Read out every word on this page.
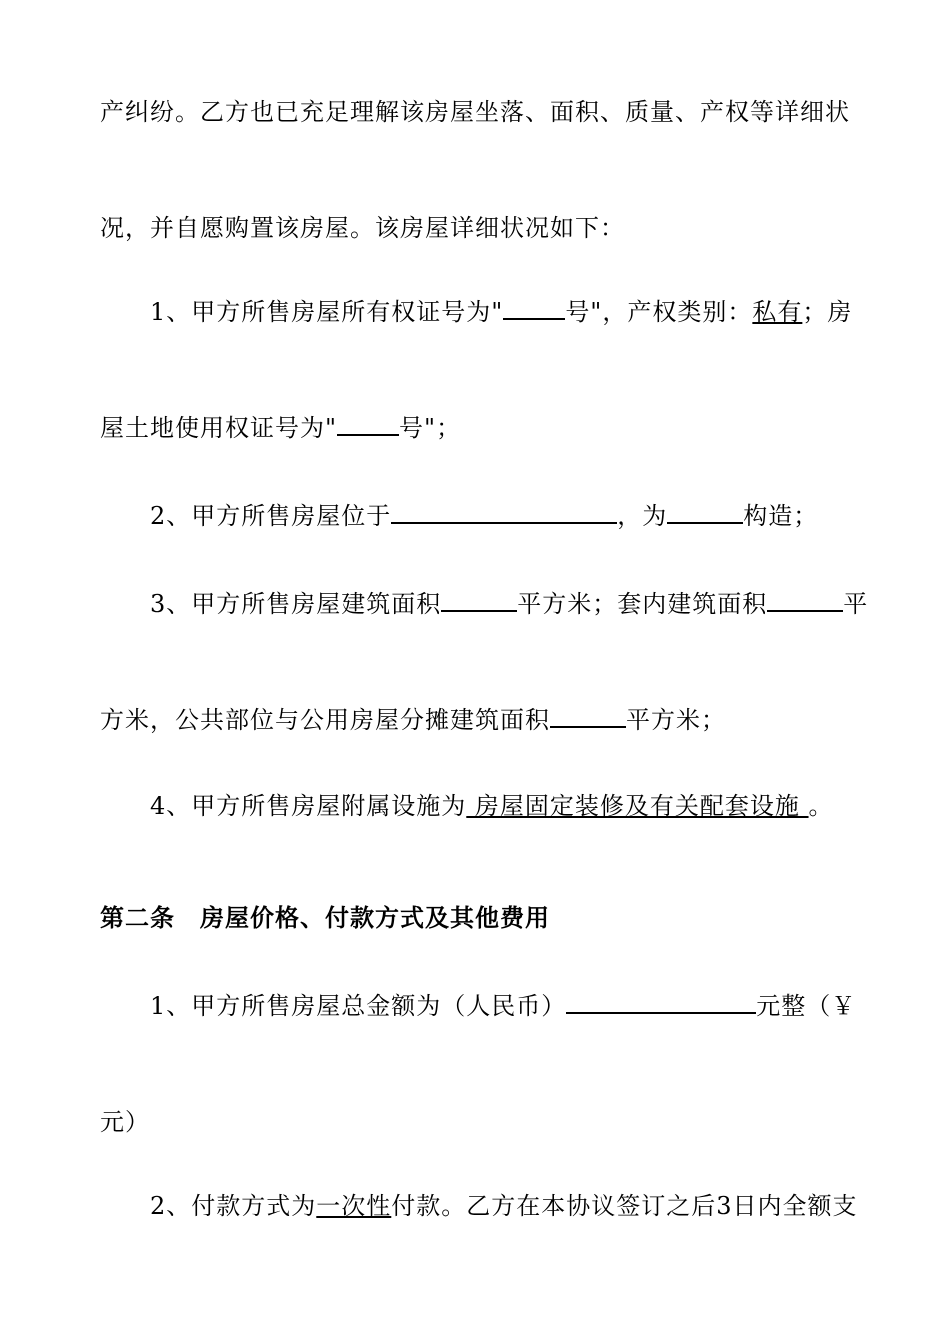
产纠纷。乙方也已充足理解该房屋坐落、面积、质量、产权等详细状
况，并自愿购置该房屋。该房屋详细状况如下：
1、甲方所售房屋所有权证号为"	号"，产权类别：私有；房
屋土地使用权证号为"	号"；
2、甲方所售房屋位于	，为	构造；
3、甲方所售房屋建筑面积	平方米；套内建筑面积	平
方米，公共部位与公用房屋分摊建筑面积	平方米；
4、甲方所售房屋附属设施为 房屋固定装修及有关配套设施 。
第二条　房屋价格、付款方式及其他费用
1、甲方所售房屋总金额为（人民币）	元整（￥
元）
2、付款方式为一次性付款。乙方在本协议签订之后3日内全额支
